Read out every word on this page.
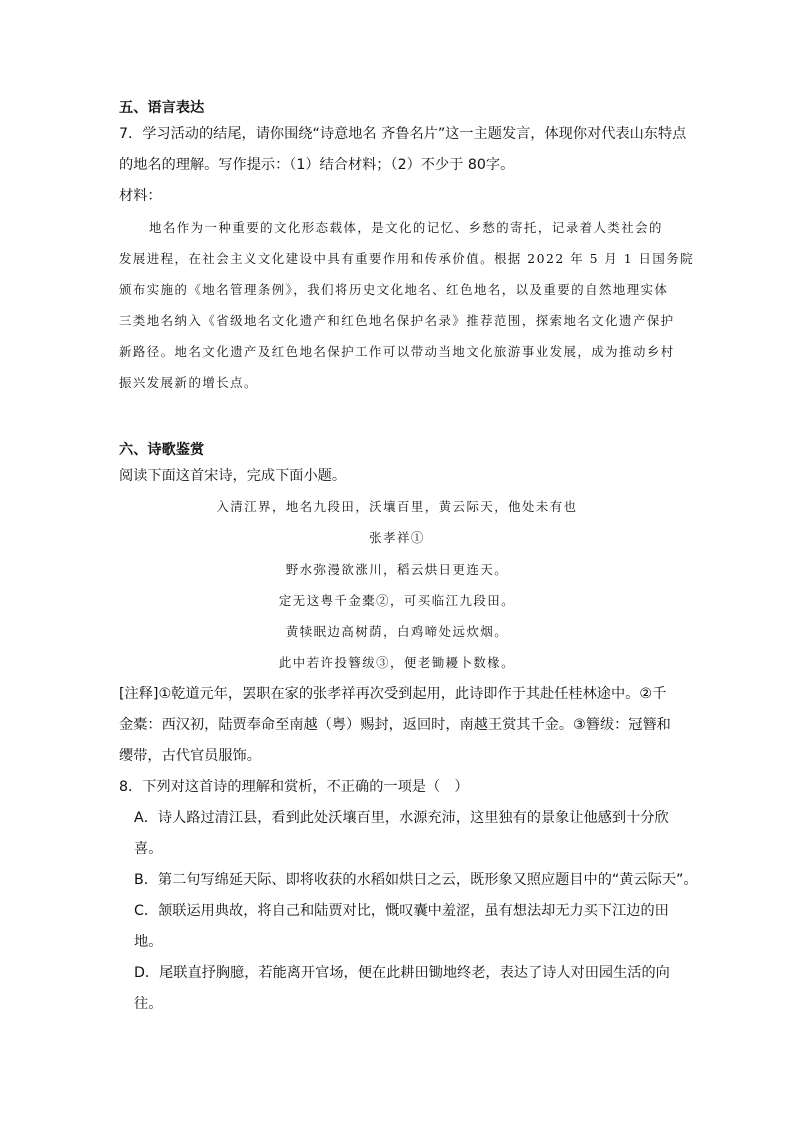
五、语言表达
7．学习活动的结尾，请你围绕“诗意地名 齐鲁名片”这一主题发言，体现你对代表山东特点
的地名的理解。写作提示：（1）结合材料；（2）不少于 80字。
材料：
地名作为一种重要的文化形态载体，是文化的记忆、乡愁的寄托，记录着人类社会的
发展进程，在社会主义文化建设中具有重要作用和传承价值。根据 2022 年 5 月 1 日国务院
颁布实施的《地名管理条例》，我们将历史文化地名、红色地名，以及重要的自然地理实体
三类地名纳入《省级地名文化遗产和红色地名保护名录》推荐范围，探索地名文化遗产保护
新路径。地名文化遗产及红色地名保护工作可以带动当地文化旅游事业发展，成为推动乡村
振兴发展新的增长点。
六、诗歌鉴赏
阅读下面这首宋诗，完成下面小题。
入清江界，地名九段田，沃壤百里，黄云际天，他处未有也
张孝祥①
野水弥漫欲涨川，稻云烘日更连天。
定无这粤千金橐②，可买临江九段田。
黄犊眠边高树荫，白鸡啼处远炊烟。
此中若许投簪绂③，便老锄耰卜数椽。
[注释]①乾道元年，罢职在家的张孝祥再次受到起用，此诗即作于其赴任桂林途中。②千
金橐：西汉初，陆贾奉命至南越（粤）赐封，返回时，南越王赏其千金。③簪绂：冠簪和
缨带，古代官员服饰。
8．下列对这首诗的理解和赏析，不正确的一项是（　）
A．诗人路过清江县，看到此处沃壤百里，水源充沛，这里独有的景象让他感到十分欣
喜。
B．第二句写绵延天际、即将收获的水稻如烘日之云，既形象又照应题目中的“黄云际天”。
C．颔联运用典故，将自己和陆贾对比，慨叹囊中羞涩，虽有想法却无力买下江边的田
地。
D．尾联直抒胸臆，若能离开官场，便在此耕田锄地终老，表达了诗人对田园生活的向
往。
